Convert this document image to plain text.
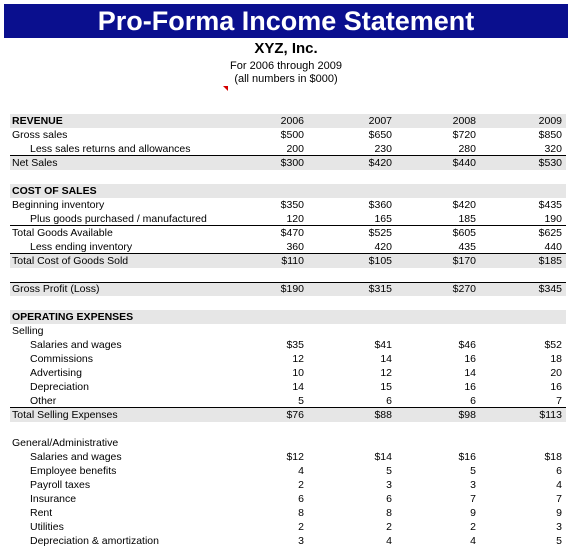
Pro-Forma Income Statement
XYZ, Inc.
For 2006 through 2009
(all numbers in $000)
REVENUE	2006	2007	2008	2009
Gross sales	$500	$650	$720	$850
Less sales returns and allowances	200	230	280	320
Net Sales	$300	$420	$440	$530
COST OF SALES
Beginning inventory	$350	$360	$420	$435
Plus goods purchased / manufactured	120	165	185	190
Total Goods Available	$470	$525	$605	$625
Less ending inventory	360	420	435	440
Total Cost of Goods Sold	$110	$105	$170	$185
Gross Profit (Loss)	$190	$315	$270	$345
OPERATING EXPENSES
Selling
Salaries and wages	$35	$41	$46	$52
Commissions	12	14	16	18
Advertising	10	12	14	20
Depreciation	14	15	16	16
Other	5	6	6	7
Total Selling Expenses	$76	$88	$98	$113
General/Administrative
Salaries and wages	$12	$14	$16	$18
Employee benefits	4	5	5	6
Payroll taxes	2	3	3	4
Insurance	6	6	7	7
Rent	8	8	9	9
Utilities	2	2	2	3
Depreciation & amortization	3	4	4	5
